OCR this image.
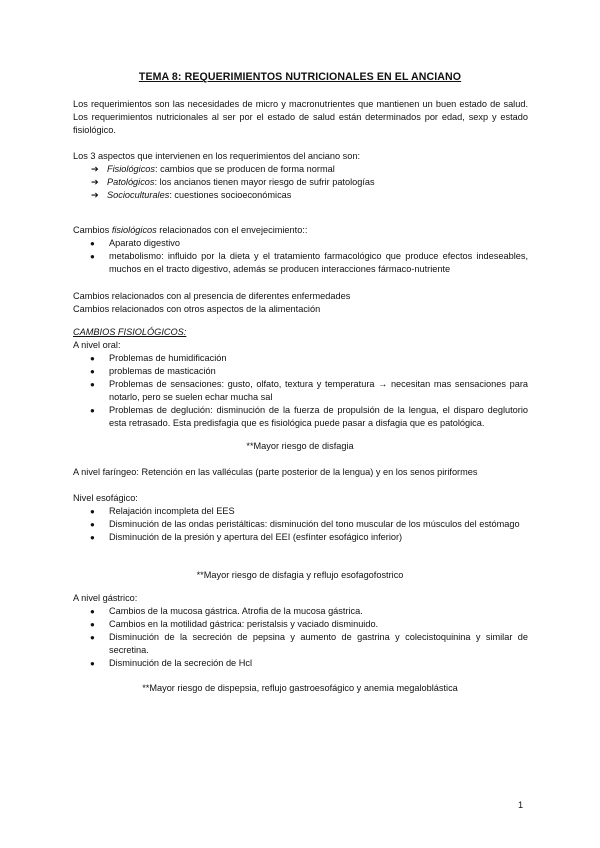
TEMA 8: REQUERIMIENTOS NUTRICIONALES EN EL ANCIANO
Los requerimientos son las necesidades de micro y macronutrientes que mantienen un buen estado de salud. Los requerimientos nutricionales al ser por el estado de salud están determinados por edad, sexp y estado fisiológico.
Los 3 aspectos que intervienen en los requerimientos del anciano son:
➔ Fisiológicos: cambios que se producen de forma normal
➔ Patológicos: los ancianos tienen mayor riesgo de sufrir patologías
➔ Socioculturales: cuestiones socioeconómicas
Cambios fisiológicos relacionados con el envejecimiento::
● Aparato digestivo
● metabolismo: influido por la dieta y el tratamiento farmacológico que produce efectos indeseables, muchos en el tracto digestivo, además se producen interacciones fármaco-nutriente
Cambios relacionados con al presencia de diferentes enfermedades
Cambios relacionados con otros aspectos de la alimentación
CAMBIOS FISIOLÓGICOS:
A nivel oral:
● Problemas de humidificación
● problemas de masticación
● Problemas de sensaciones: gusto, olfato, textura y temperatura → necesitan mas sensaciones para notarlo, pero se suelen echar mucha sal
● Problemas de deglución: disminución de la fuerza de propulsión de la lengua, el disparo deglutorio esta retrasado. Esta predisfagia que es fisiológica puede pasar a disfagia que es patológica.
**Mayor riesgo de disfagia
A nivel faríngeo: Retención en las valléculas (parte posterior de la lengua) y en los senos piriformes
Nivel esofágico:
● Relajación incompleta del EES
● Disminución de las ondas peristálticas: disminución del tono muscular de los músculos del estómago
● Disminución de la presión y apertura del EEI (esfínter esofágico inferior)
**Mayor riesgo de disfagia y reflujo esofagofostrico
A nivel gástrico:
● Cambios de la mucosa gástrica. Atrofia de la mucosa gástrica.
● Cambios en la motilidad gástrica: peristalsis y vaciado disminuido.
● Disminución de la secreción de pepsina y aumento de gastrina y colecistoquinina y similar de secretina.
● Disminución de la secreción de Hcl
**Mayor riesgo de dispepsia, reflujo gastroesofágico y anemia megaloblástica
1
